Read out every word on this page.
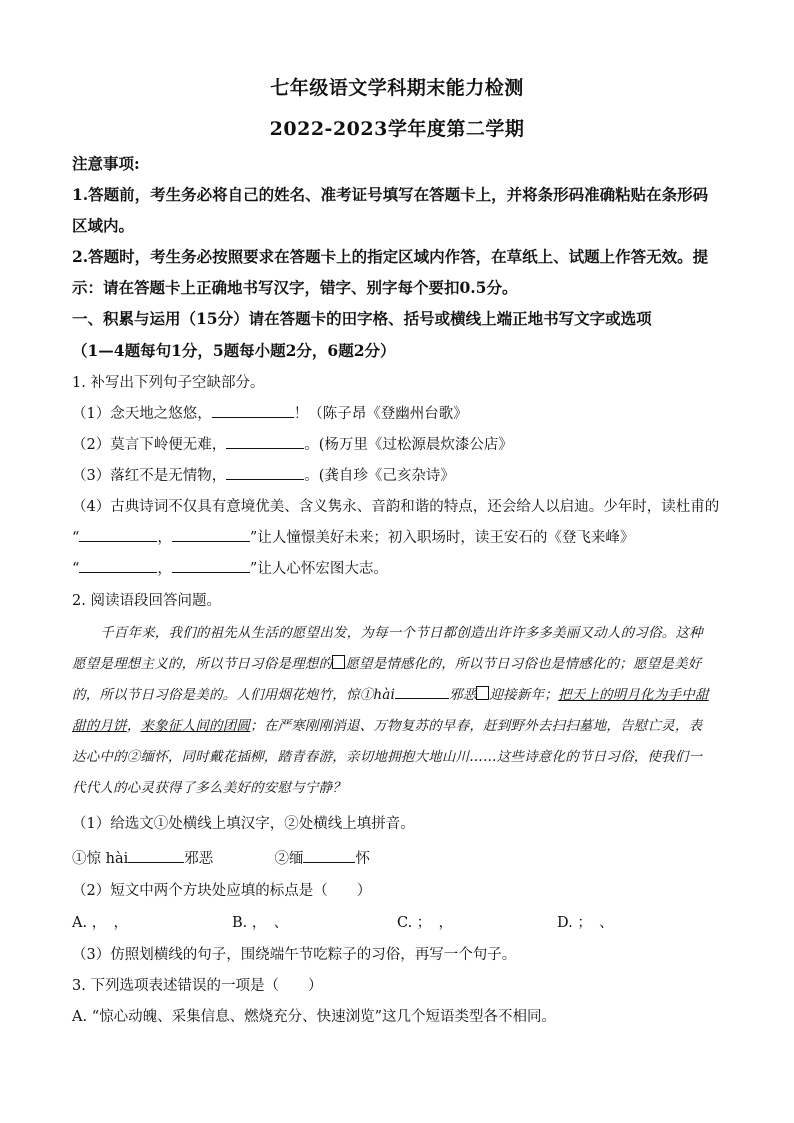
七年级语文学科期末能力检测
2022-2023学年度第二学期
注意事项:
1.答题前，考生务必将自己的姓名、准考证号填写在答题卡上，并将条形码准确粘贴在条形码
区域内。
2.答题时，考生务必按照要求在答题卡上的指定区域内作答，在草纸上、试题上作答无效。提
示：请在答题卡上正确地书写汉字，错字、别字每个要扣0.5分。
一、积累与运用（15分）请在答题卡的田字格、括号或横线上端正地书写文字或选项
（1—4题每句1分，5题每小题2分，6题2分）
1. 补写出下列句子空缺部分。
（1）念天地之悠悠，	！（陈子昂《登幽州台歌》
（2）莫言下岭便无难，	。(杨万里《过松源晨炊漆公店》
（3）落红不是无情物，	。(龚自珍《己亥杂诗》
（4）古典诗词不仅具有意境优美、含义隽永、音韵和谐的特点，还会给人以启迪。少年时，读杜甫的
“	，	”让人憧憬美好未来；初入职场时，读王安石的《登飞来峰》
“	，	”让人心怀宏图大志。
2. 阅读语段回答问题。
千百年来，我们的祖先从生活的愿望出发，为每一个节日都创造出许许多多美丽又动人的习俗。这种
愿望是理想主义的，所以节日习俗是理想的 愿望是情感化的，所以节日习俗也是情感化的；愿望是美好
的，所以节日习俗是美的。人们用烟花炮竹，惊①hài	邪恶 迎接新年；把天上的明月化为手中甜
甜的月饼，来象征人间的团圆；在严寒刚刚消退、万物复苏的早春，赶到野外去扫扫墓地，告慰亡灵，表
达心中的②缅怀，同时戴花插柳，踏青春游，亲切地拥抱大地山川……这些诗意化的节日习俗，使我们一
代代人的心灵获得了多么美好的安慰与宁静？
（1）给选文①处横线上填汉字，②处横线上填拼音。
①惊 hài	邪恶	②缅	怀
（2）短文中两个方块处应填的标点是（　　）
A. ，　，	B. ，　、	C. ；　，	D. ；　、
（3）仿照划横线的句子，围绕端午节吃粽子的习俗，再写一个句子。
3. 下列选项表述错误的一项是（　　）
A. “惊心动魄、采集信息、燃烧充分、快速浏览”这几个短语类型各不相同。
